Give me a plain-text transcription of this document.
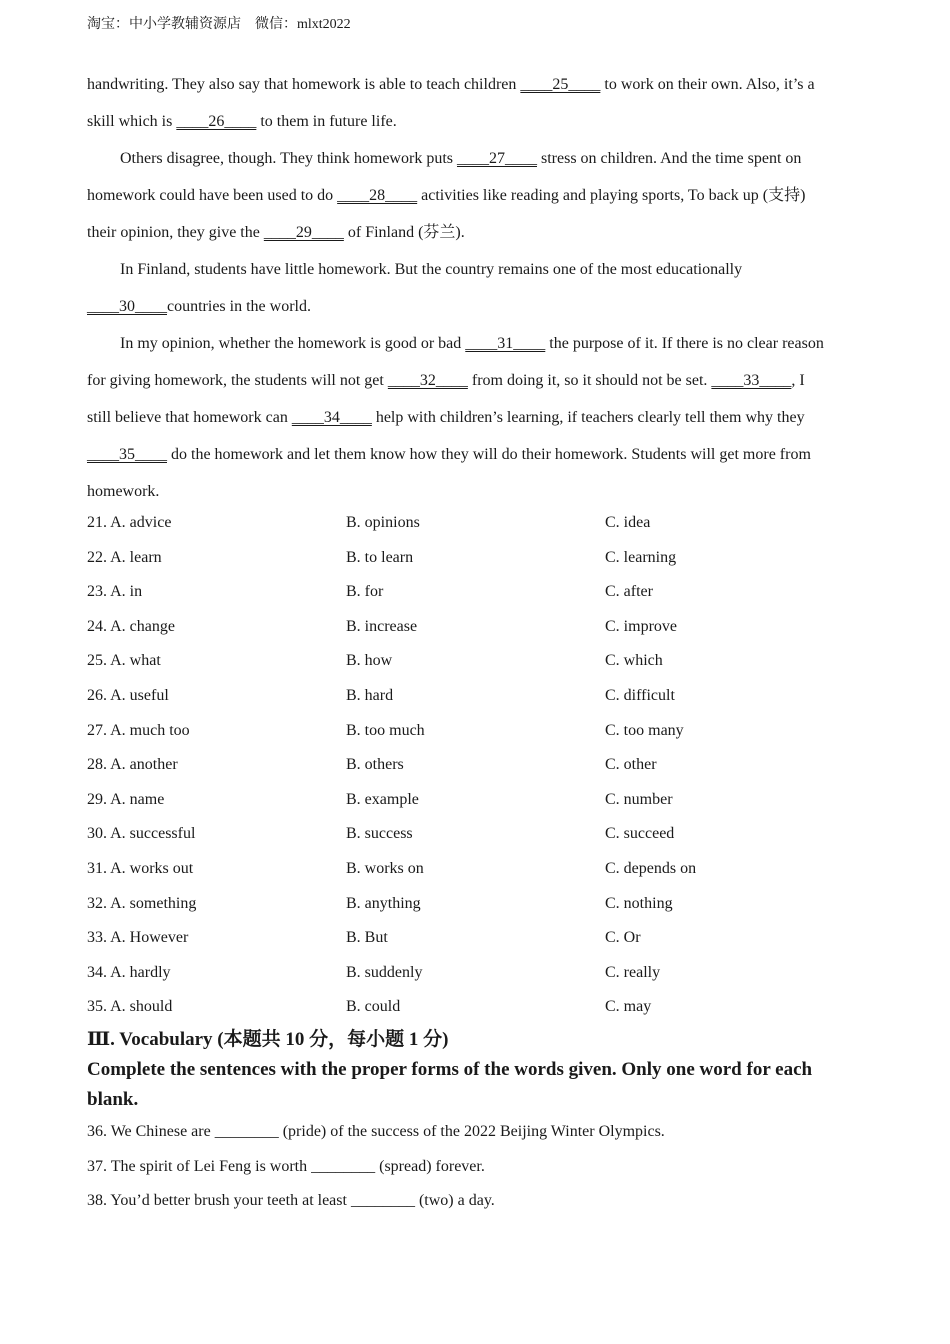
淘宝：中小学教辅资源店　微信：mlxt2022
handwriting. They also say that homework is able to teach children ____25____ to work on their own. Also, it’s a
skill which is ____26____ to them in future life.
Others disagree, though. They think homework puts ____27____ stress on children. And the time spent on
homework could have been used to do ____28____ activities like reading and playing sports, To back up (支持)
their opinion, they give the ____29____ of Finland (芬兰).
In Finland, students have little homework. But the country remains one of the most educationally
____30____countries in the world.
In my opinion, whether the homework is good or bad ____31____ the purpose of it. If there is no clear reason
for giving homework, the students will not get ____32____ from doing it, so it should not be set. ____33____, I
still believe that homework can ____34____ help with children’s learning, if teachers clearly tell them why they
____35____ do the homework and let them know how they will do their homework. Students will get more from
homework.
21. A. advice	B. opinions	C. idea
22. A. learn	B. to learn	C. learning
23. A. in	B. for	C. after
24. A. change	B. increase	C. improve
25. A. what	B. how	C. which
26. A. useful	B. hard	C. difficult
27. A. much too	B. too much	C. too many
28. A. another	B. others	C. other
29. A. name	B. example	C. number
30. A. successful	B. success	C. succeed
31. A. works out	B. works on	C. depends on
32. A. something	B. anything	C. nothing
33. A. However	B. But	C. Or
34. A. hardly	B. suddenly	C. really
35. A. should	B. could	C. may
Ⅲ. Vocabulary (本题共 10 分，每小题 1 分)
Complete the sentences with the proper forms of the words given. Only one word for each blank.
36. We Chinese are ________ (pride) of the success of the 2022 Beijing Winter Olympics.
37. The spirit of Lei Feng is worth ________ (spread) forever.
38. You’d better brush your teeth at least ________ (two) a day.
